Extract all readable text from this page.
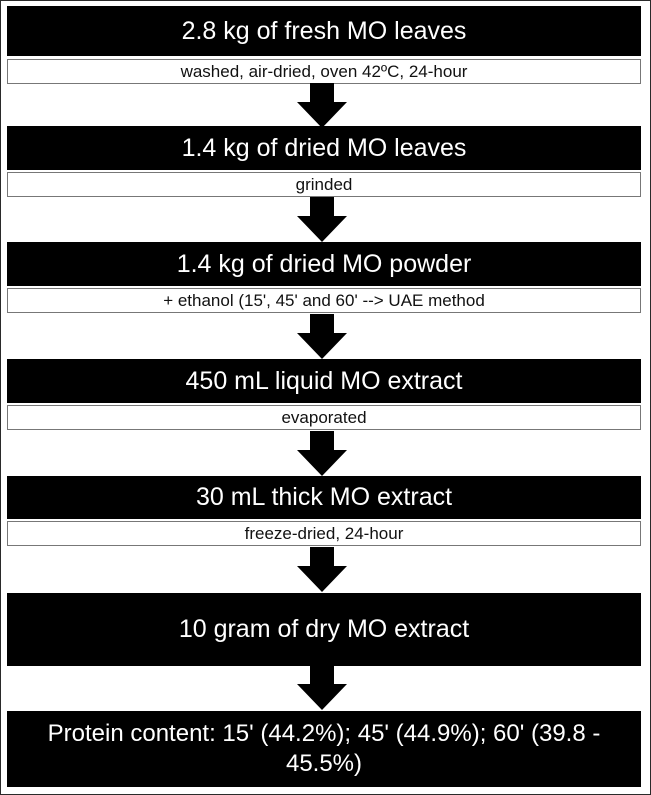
2.8 kg of fresh MO leaves
washed, air-dried, oven 42ºC, 24-hour
1.4 kg of dried MO leaves
grinded
1.4 kg of dried MO powder
+ ethanol (15', 45' and 60' --> UAE method
450 mL liquid MO extract
evaporated
30 mL thick MO extract
freeze-dried, 24-hour
10 gram of dry MO extract
Protein content: 15' (44.2%); 45' (44.9%); 60' (39.8 - 45.5%)
